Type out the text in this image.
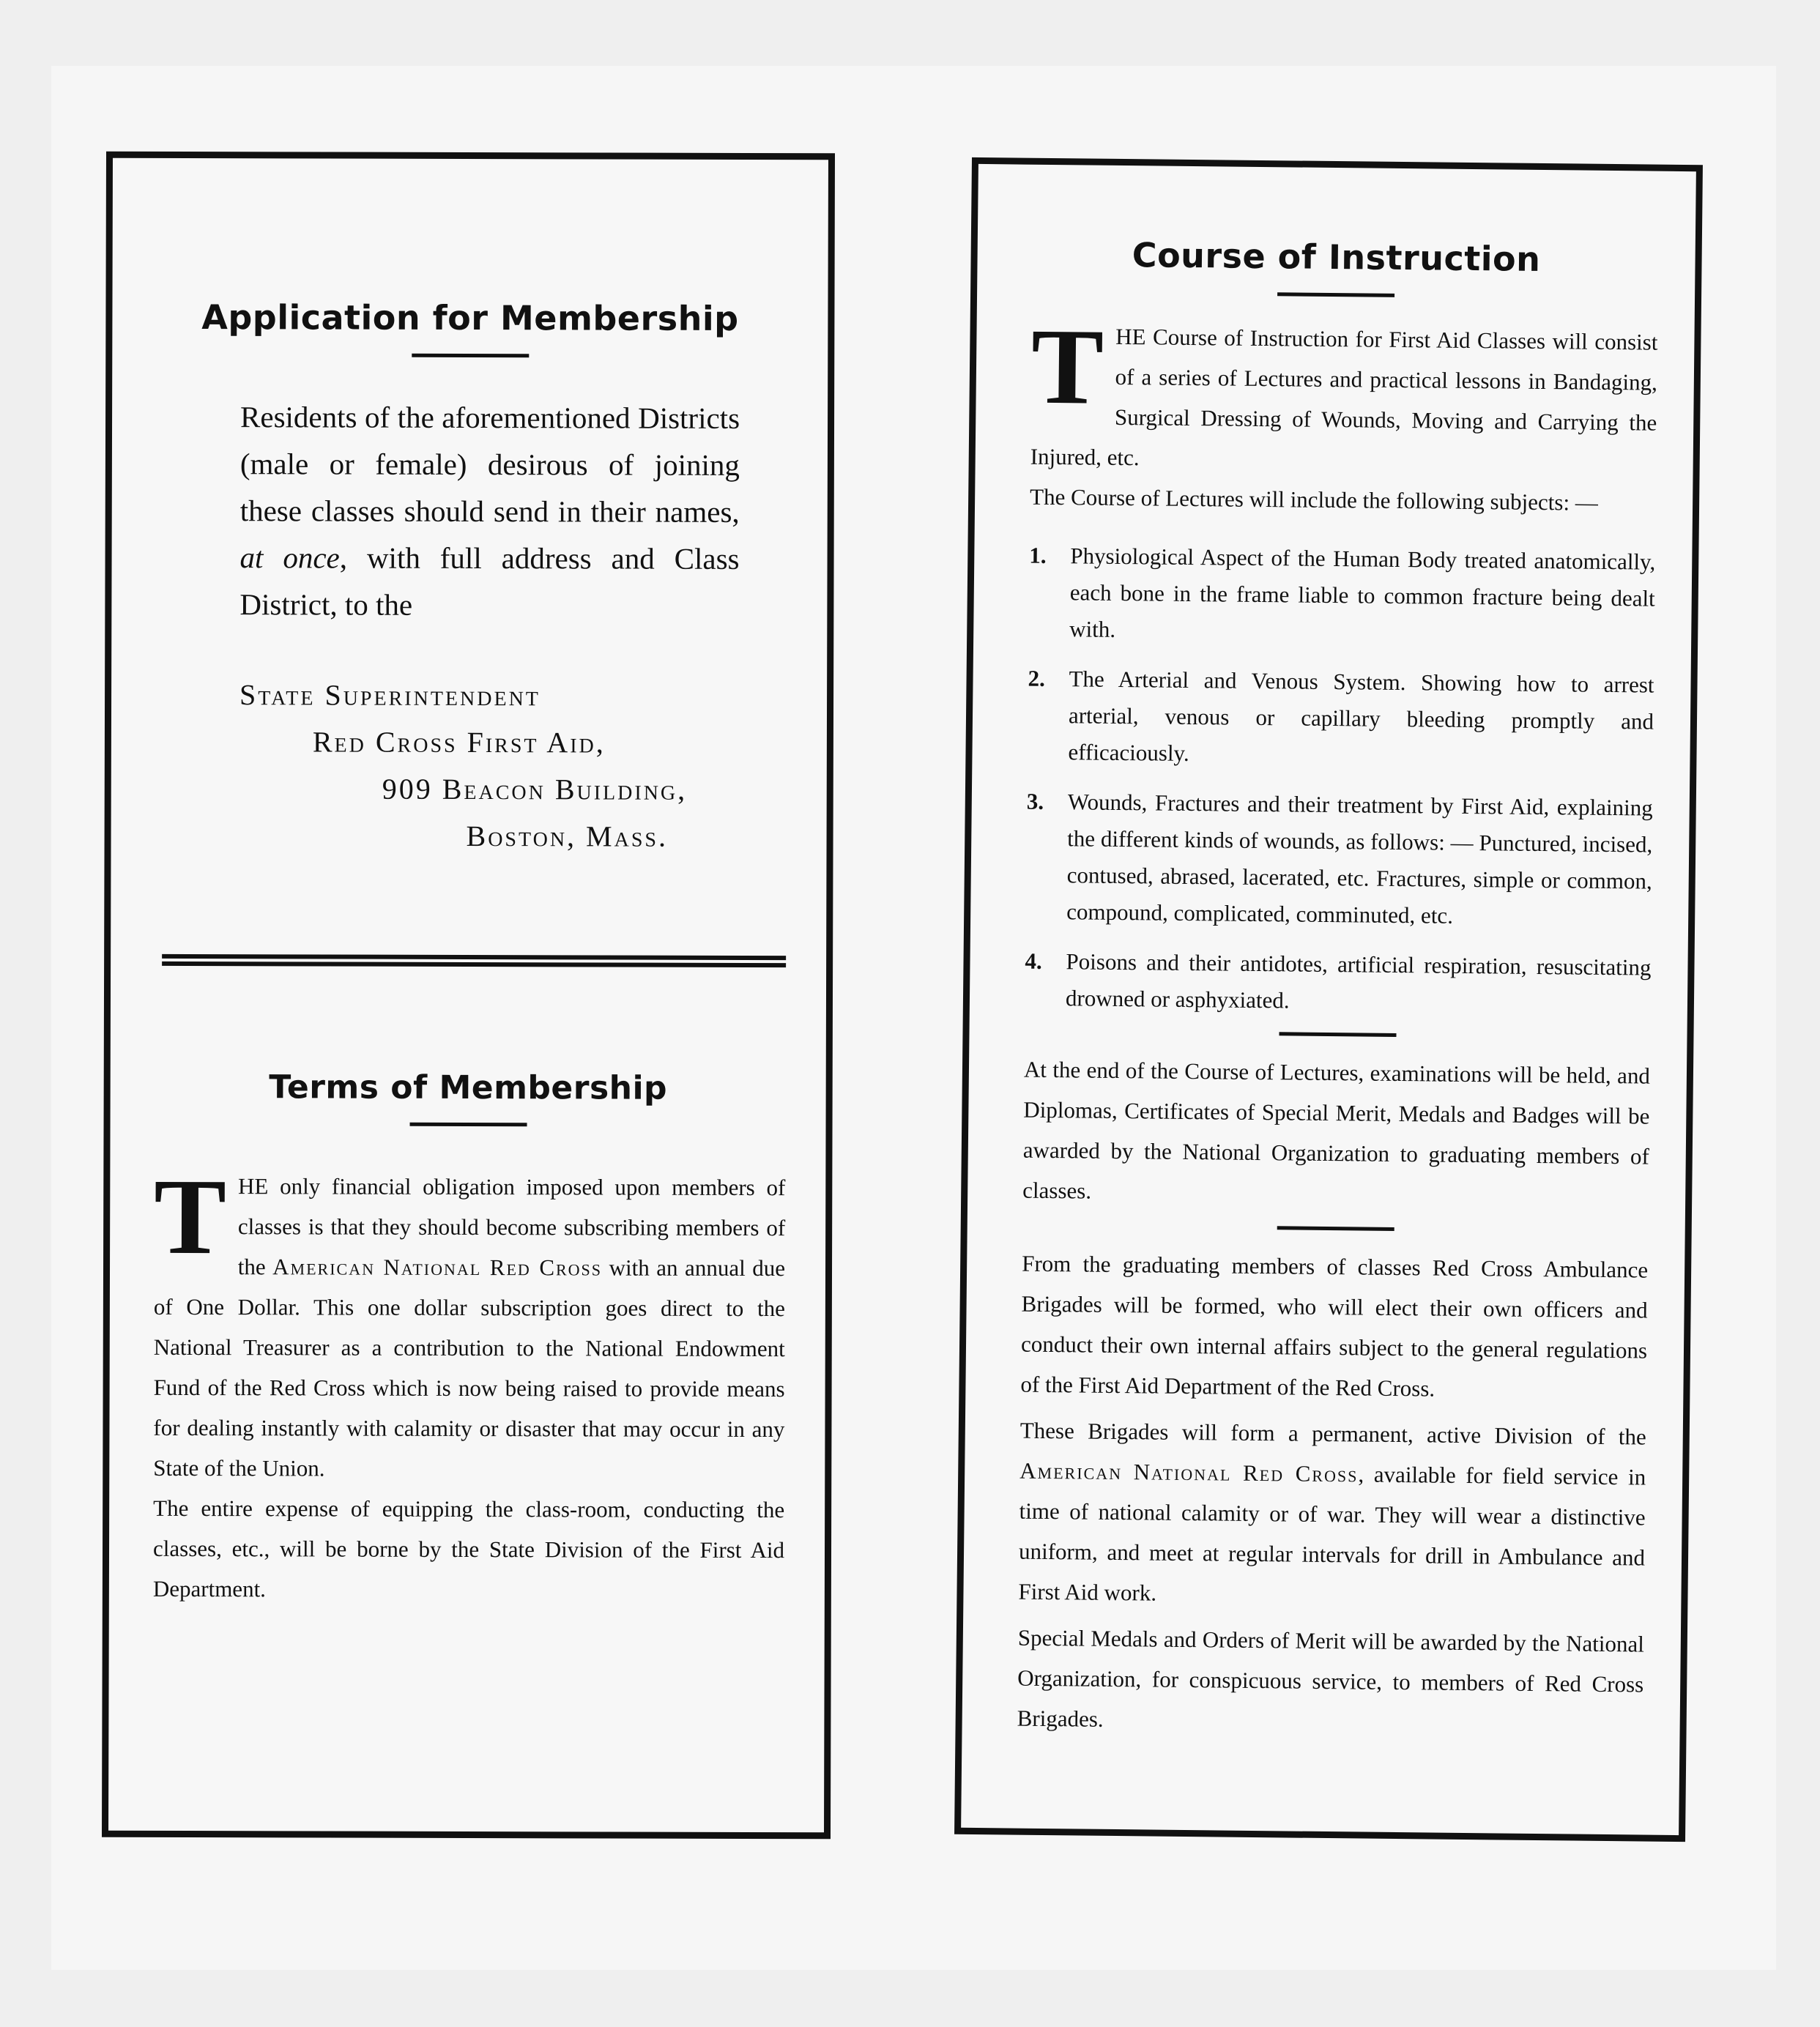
Application for Membership

Residents of the aforementioned Districts (male or female) desirous of joining these classes should send in their names, at once, with full address and Class District, to the

State Superintendent
Red Cross First Aid,
909 Beacon Building,
Boston, Mass.
Terms of Membership

T HE only financial obligation imposed upon members of classes is that they should become subscribing members of the American National Red Cross with an annual due of One Dollar. This one dollar subscription goes direct to the National Treasurer as a contribution to the National Endowment Fund of the Red Cross which is now being raised to provide means for dealing instantly with calamity or disaster that may occur in any State of the Union.

The entire expense of equipping the class-room, conducting the classes, etc., will be borne by the State Division of the First Aid Department.

Course of Instruction

T HE Course of Instruction for First Aid Classes will consist of a series of Lectures and practical lessons in Bandaging, Surgical Dressing of Wounds, Moving and Carrying the Injured, etc.

The Course of Lectures will include the following subjects: —

1.	Physiological Aspect of the Human Body treated anatomically, each bone in the frame liable to common fracture being dealt with.
2.	The Arterial and Venous System. Showing how to arrest arterial, venous or capillary bleeding promptly and efficaciously.
3.	Wounds, Fractures and their treatment by First Aid, explaining the different kinds of wounds, as follows: — Punctured, incised, contused, abrased, lacerated, etc. Fractures, simple or common, compound, complicated, comminuted, etc.
4.	Poisons and their antidotes, artificial respiration, resuscitating drowned or asphyxiated.

At the end of the Course of Lectures, examinations will be held, and Diplomas, Certificates of Special Merit, Medals and Badges will be awarded by the National Organization to graduating members of classes.

From the graduating members of classes Red Cross Ambulance Brigades will be formed, who will elect their own officers and conduct their own internal affairs subject to the general regulations of the First Aid Department of the Red Cross.

These Brigades will form a permanent, active Division of the American National Red Cross, available for field service in time of national calamity or of war. They will wear a distinctive uniform, and meet at regular intervals for drill in Ambulance and First Aid work.

Special Medals and Orders of Merit will be awarded by the National Organization, for conspicuous service, to members of Red Cross Brigades.
